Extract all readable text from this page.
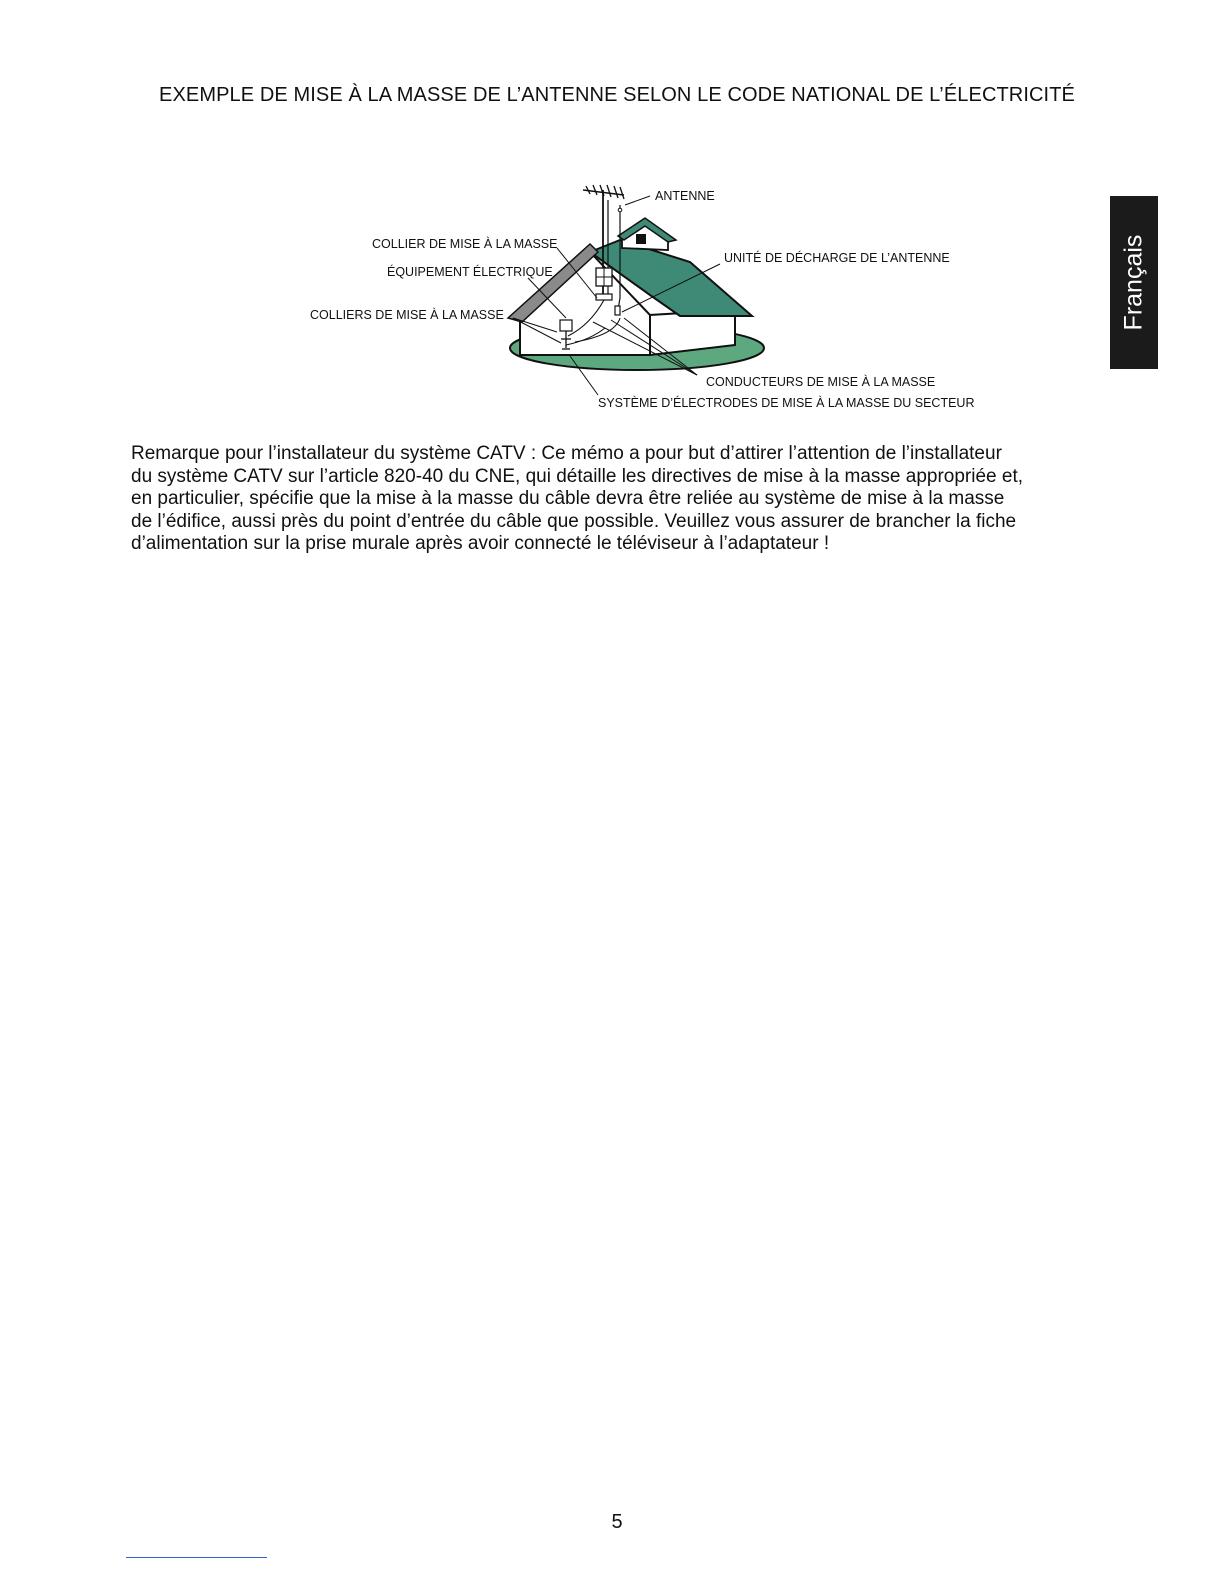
EXEMPLE DE MISE À LA MASSE DE L’ANTENNE SELON LE CODE NATIONAL DE L’ÉLECTRICITÉ
Français
ANTENNE
COLLIER DE MISE À LA MASSE
ÉQUIPEMENT ÉLECTRIQUE
UNITÉ DE DÉCHARGE DE L’ANTENNE
COLLIERS DE MISE À LA MASSE
CONDUCTEURS DE MISE À LA MASSE
SYSTÈME D’ÉLECTRODES DE MISE À LA MASSE DU SECTEUR
Remarque pour l’installateur du système CATV : Ce mémo a pour but d’attirer l’attention de l’installateur
du système CATV sur l’article 820-40 du CNE, qui détaille les directives de mise à la masse appropriée et,
en particulier, spécifie que la mise à la masse du câble devra être reliée au système de mise à la masse
de l’édifice, aussi près du point d’entrée du câble que possible. Veuillez vous assurer de brancher la fiche
d’alimentation sur la prise murale après avoir connecté le téléviseur à l’adaptateur !
5
